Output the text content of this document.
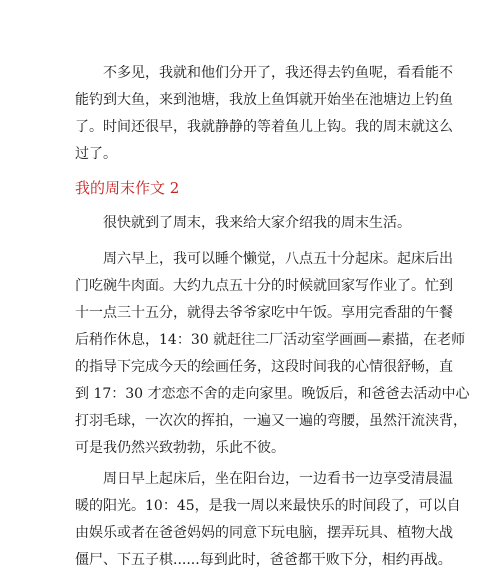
　　不多见，我就和他们分开了，我还得去钓鱼呢，看看能不
能钓到大鱼，来到池塘，我放上鱼饵就开始坐在池塘边上钓鱼
了。时间还很早，我就静静的等着鱼儿上钩。我的周末就这么
过了。
我的周末作文 2
　　很快就到了周末，我来给大家介绍我的周末生活。
　　周六早上，我可以睡个懒觉，八点五十分起床。起床后出
门吃碗牛肉面。大约九点五十分的时候就回家写作业了。忙到
十一点三十五分，就得去爷爷家吃中午饭。享用完香甜的午餐
后稍作休息，14：30 就赶往二厂活动室学画画—素描，在老师
的指导下完成今天的绘画任务，这段时间我的心情很舒畅，直
到 17：30 才恋恋不舍的走向家里。晚饭后，和爸爸去活动中心
打羽毛球，一次次的挥拍，一遍又一遍的弯腰，虽然汗流浃背，
可是我仍然兴致勃勃，乐此不彼。
　　周日早上起床后，坐在阳台边，一边看书一边享受清晨温
暖的阳光。10：45，是我一周以来最快乐的时间段了，可以自
由娱乐或者在爸爸妈妈的同意下玩电脑，摆弄玩具、植物大战
僵尸、下五子棋......每到此时，爸爸都干败下分，相约再战。
